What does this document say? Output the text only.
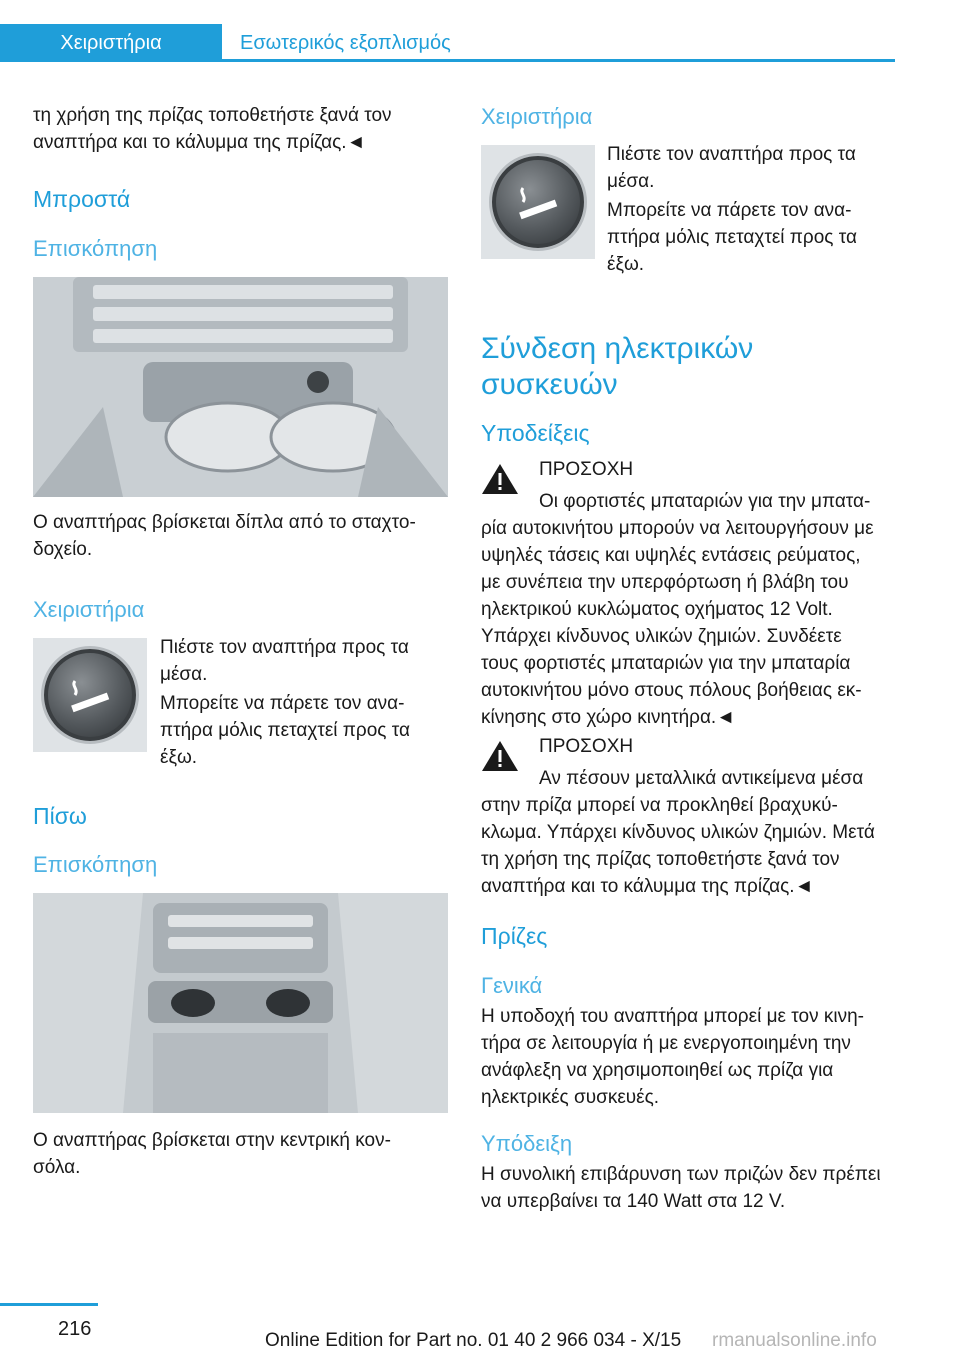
Χειριστήρια	Εσωτερικός εξοπλισμός

τη χρήση της πρίζας τοποθετήστε ξανά τον

αναπτήρα και το κάλυμμα της πρίζας.◄

Μπροστά

Επισκόπηση

Ο αναπτήρας βρίσκεται δίπλα από το σταχτο-

δοχείο.

Χειριστήρια

Πιέστε τον αναπτήρα προς τα

μέσα.

Μπορείτε να πάρετε τον ανα-

πτήρα μόλις πεταχτεί προς τα

έξω.

Πίσω

Επισκόπηση

Ο αναπτήρας βρίσκεται στην κεντρική κον-

σόλα.

Χειριστήρια

Πιέστε τον αναπτήρα προς τα

μέσα.

Μπορείτε να πάρετε τον ανα-

πτήρα μόλις πεταχτεί προς τα

έξω.

Σύνδεση ηλεκτρικών

συσκευών

Υποδείξεις

ΠΡΟΣΟΧΗ

Οι φορτιστές μπαταριών για την μπατα-

ρία αυτοκινήτου μπορούν να λειτουργήσουν με

υψηλές τάσεις και υψηλές εντάσεις ρεύματος,

με συνέπεια την υπερφόρτωση ή βλάβη του

ηλεκτρικού κυκλώματος οχήματος 12 Volt.

Υπάρχει κίνδυνος υλικών ζημιών. Συνδέετε

τους φορτιστές μπαταριών για την μπαταρία

αυτοκινήτου μόνο στους πόλους βοήθειας εκ-

κίνησης στο χώρο κινητήρα.◄

ΠΡΟΣΟΧΗ

Αν πέσουν μεταλλικά αντικείμενα μέσα

στην πρίζα μπορεί να προκληθεί βραχυκύ-

κλωμα. Υπάρχει κίνδυνος υλικών ζημιών. Μετά

τη χρήση της πρίζας τοποθετήστε ξανά τον

αναπτήρα και το κάλυμμα της πρίζας.◄

Πρίζες

Γενικά

Η υποδοχή του αναπτήρα μπορεί με τον κινη-

τήρα σε λειτουργία ή με ενεργοποιημένη την

ανάφλεξη να χρησιμοποιηθεί ως πρίζα για

ηλεκτρικές συσκευές.

Υπόδειξη

Η συνολική επιβάρυνση των πριζών δεν πρέπει

να υπερβαίνει τα 140 Watt στα 12 V.

216
Online Edition for Part no. 01 40 2 966 034 - X/15 rmanualsonline.info
